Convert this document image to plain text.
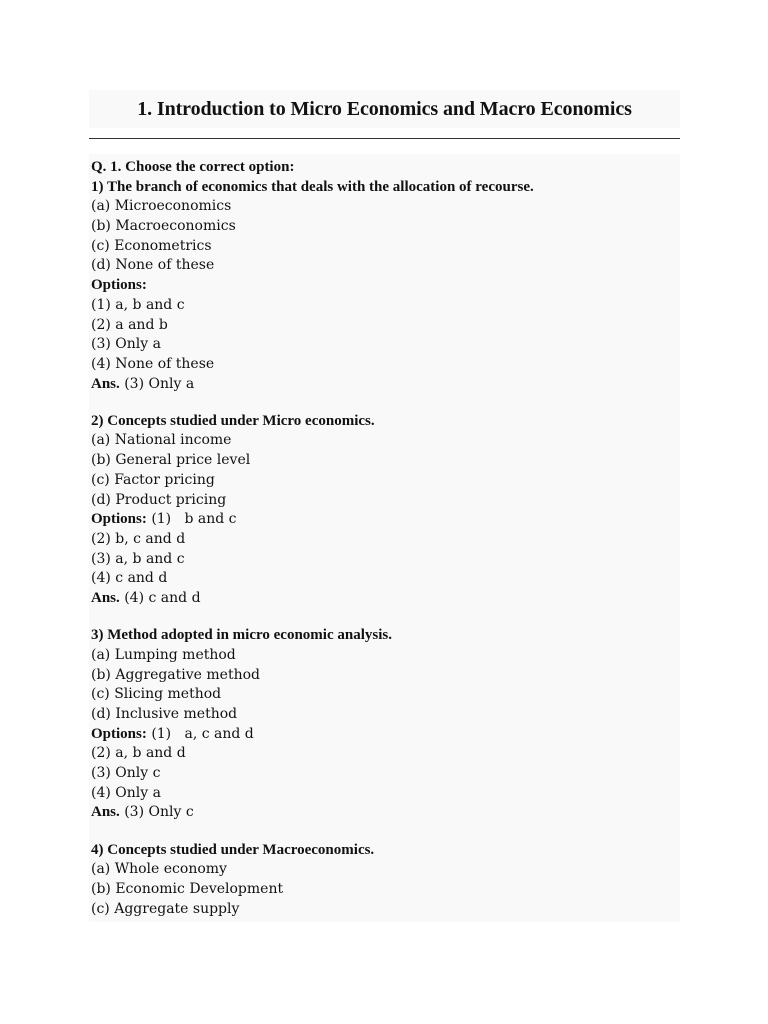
1. Introduction to Micro Economics and Macro Economics
Q. 1. Choose the correct option:
1) The branch of economics that deals with the allocation of recourse.
(a) Microeconomics
(b) Macroeconomics
(c) Econometrics
(d) None of these
Options:
(1) a, b and c
(2) a and b
(3) Only a
(4) None of these
Ans. (3) Only a
2) Concepts studied under Micro economics.
(a) National income
(b) General price level
(c) Factor pricing
(d) Product pricing
Options: (1)   b and c
(2) b, c and d
(3) a, b and c
(4) c and d
Ans. (4) c and d
3) Method adopted in micro economic analysis.
(a) Lumping method
(b) Aggregative method
(c) Slicing method
(d) Inclusive method
Options: (1)   a, c and d
(2) a, b and d
(3) Only c
(4) Only a
Ans. (3) Only c
4) Concepts studied under Macroeconomics.
(a) Whole economy
(b) Economic Development
(c) Aggregate supply
